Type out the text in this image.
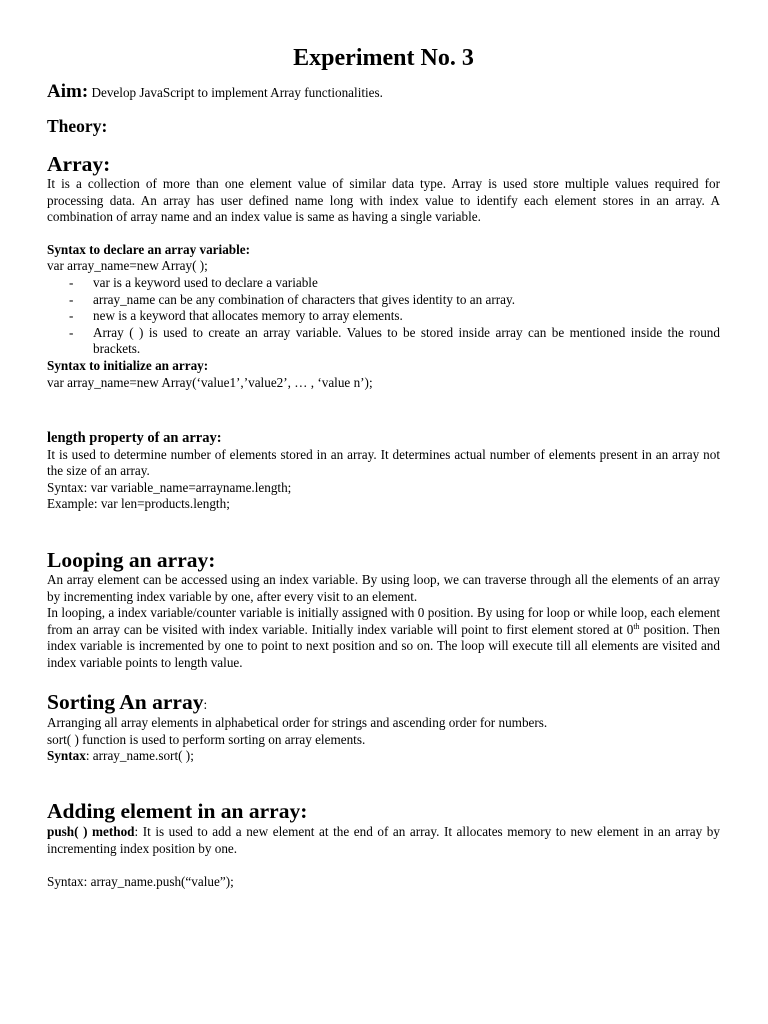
Experiment No. 3
Aim: Develop JavaScript to implement Array functionalities.
Theory:
Array:

It is a collection of more than one element value of similar data type. Array is used store multiple values required for processing data. An array has user defined name long with index value to identify each element stores in an array. A combination of array name and an index value is same as having a single variable.

Syntax to declare an array variable:

var array_name=new Array( );

- var is a keyword used to declare a variable
- array_name can be any combination of characters that gives identity to an array.
- new is a keyword that allocates memory to array elements.
- Array ( ) is used to create an array variable. Values to be stored inside array can be mentioned inside the round brackets.

Syntax to initialize an array:

var array_name=new Array(‘value1’,’value2’, … , ‘value n’);

length property of an array:

It is used to determine number of elements stored in an array. It determines actual number of elements present in an array not the size of an array.

Syntax: var variable_name=arrayname.length;

Example: var len=products.length;

Looping an array:

An array element can be accessed using an index variable. By using loop, we can traverse through all the elements of an array by incrementing index variable by one, after every visit to an element.

In looping, a index variable/counter variable is initially assigned with 0 position. By using for loop or while loop, each element from an array can be visited with index variable. Initially index variable will point to first element stored at 0th position. Then index variable is incremented by one to point to next position and so on. The loop will execute till all elements are visited and index variable points to length value.

Sorting An array:

Arranging all array elements in alphabetical order for strings and ascending order for numbers.

sort( ) function is used to perform sorting on array elements.

Syntax: array_name.sort( );

Adding element in an array:

push( ) method: It is used to add a new element at the end of an array. It allocates memory to new element in an array by incrementing index position by one.

Syntax: array_name.push(“value”);
